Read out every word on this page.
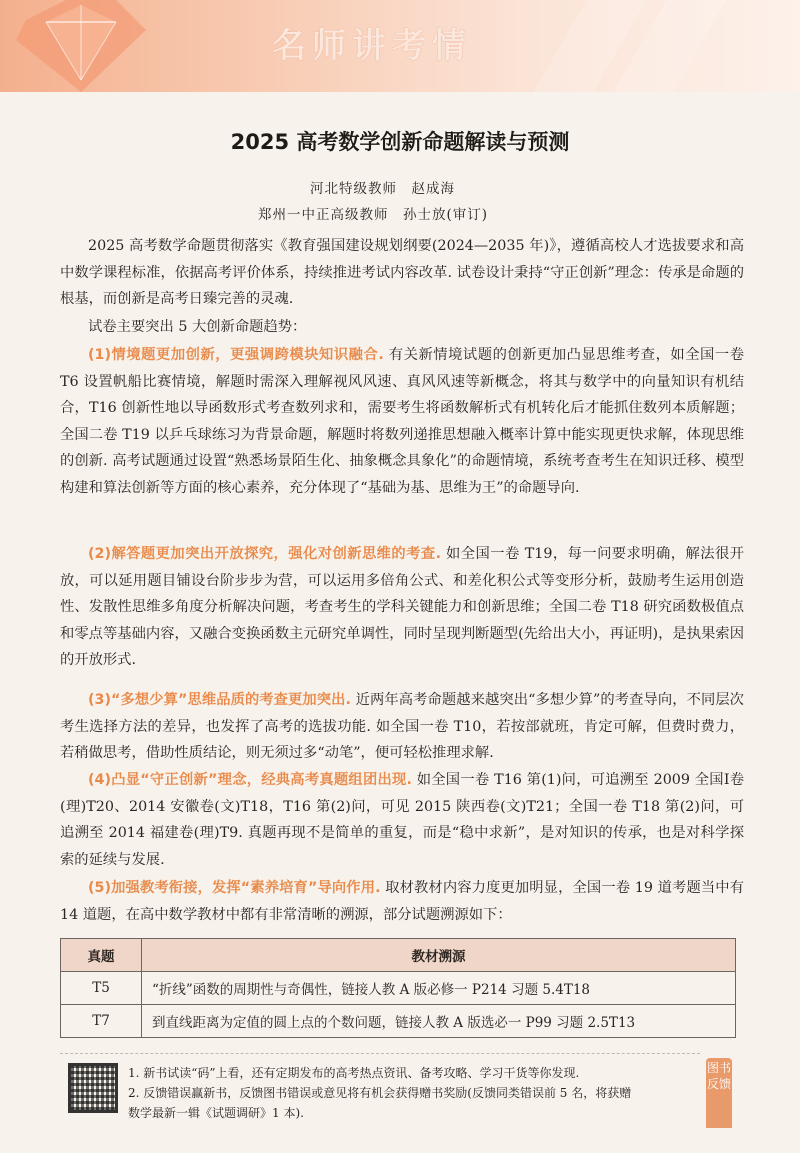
名师讲考情
2025 高考数学创新命题解读与预测
河北特级教师　赵成海
郑州一中正高级教师　孙士放(审订)
2025 高考数学命题贯彻落实《教育强国建设规划纲要(2024—2035 年)》，遵循高校人才选拔要求和高中数学课程标准，依据高考评价体系，持续推进考试内容改革. 试卷设计秉持“守正创新”理念：传承是命题的根基，而创新是高考日臻完善的灵魂.
试卷主要突出 5 大创新命题趋势：
(1)情境题更加创新，更强调跨模块知识融合. 有关新情境试题的创新更加凸显思维考查，如全国一卷 T6 设置帆船比赛情境，解题时需深入理解视风风速、真风风速等新概念，将其与数学中的向量知识有机结合，T16 创新性地以导函数形式考查数列求和，需要考生将函数解析式有机转化后才能抓住数列本质解题；全国二卷 T19 以乒乓球练习为背景命题，解题时将数列递推思想融入概率计算中能实现更快求解，体现思维的创新. 高考试题通过设置“熟悉场景陌生化、抽象概念具象化”的命题情境，系统考查考生在知识迁移、模型构建和算法创新等方面的核心素养，充分体现了“基础为基、思维为王”的命题导向.
(2)解答题更加突出开放探究，强化对创新思维的考查. 如全国一卷 T19，每一问要求明确，解法很开放，可以延用题目铺设台阶步步为营，可以运用多倍角公式、和差化积公式等变形分析，鼓励考生运用创造性、发散性思维多角度分析解决问题，考查考生的学科关键能力和创新思维；全国二卷 T18 研究函数极值点和零点等基础内容，又融合变换函数主元研究单调性，同时呈现判断题型(先给出大小，再证明)，是执果索因的开放形式.
(3)“多想少算”思维品质的考查更加突出. 近两年高考命题越来越突出“多想少算”的考查导向，不同层次考生选择方法的差异，也发挥了高考的选拔功能. 如全国一卷 T10，若按部就班，肯定可解，但费时费力，若稍做思考，借助性质结论，则无须过多“动笔”，便可轻松推理求解.
(4)凸显“守正创新”理念，经典高考真题组团出现. 如全国一卷 T16 第(1)问，可追溯至 2009 全国Ⅰ卷(理)T20、2014 安徽卷(文)T18，T16 第(2)问，可见 2015 陕西卷(文)T21；全国一卷 T18 第(2)问，可追溯至 2014 福建卷(理)T9. 真题再现不是简单的重复，而是“稳中求新”，是对知识的传承，也是对科学探索的延续与发展.
(5)加强教考衔接，发挥“素养培育”导向作用. 取材教材内容力度更加明显，全国一卷 19 道考题当中有 14 道题，在高中数学教材中都有非常清晰的溯源，部分试题溯源如下：
真题	教材溯源
T5	“折线”函数的周期性与奇偶性，链接人教 A 版必修一 P214 习题 5.4T18
T7	到直线距离为定值的圆上点的个数问题，链接人教 A 版选必一 P99 习题 2.5T13
1. 新书试读“码”上看，还有定期发布的高考热点资讯、备考攻略、学习干货等你发现.
2. 反馈错误赢新书，反馈图书错误或意见将有机会获得赠书奖励(反馈同类错误前 5 名，将获赠
数学最新一辑《试题调研》1 本).
图书反馈
